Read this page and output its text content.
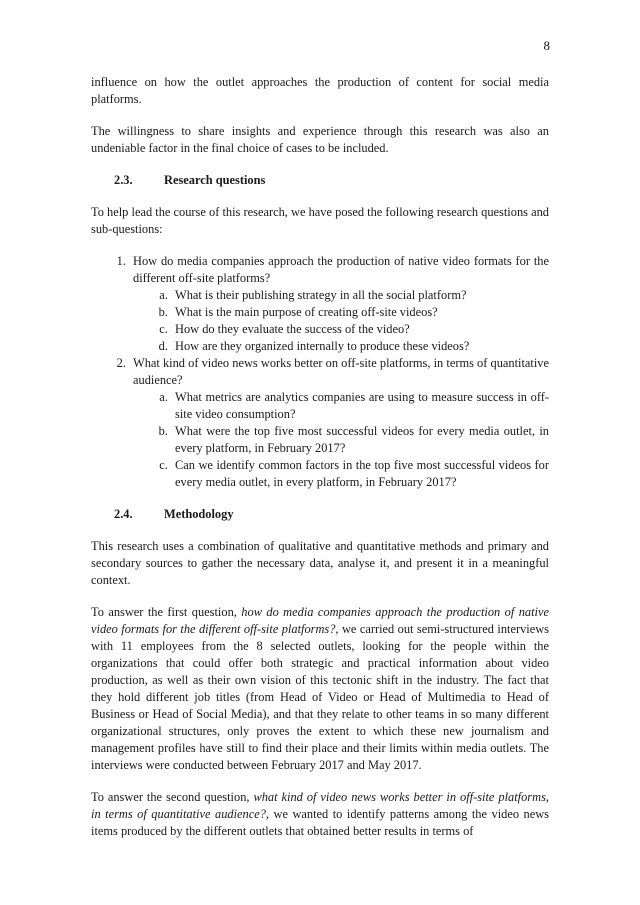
8

influence on how the outlet approaches the production of content for social media platforms.

The willingness to share insights and experience through this research was also an undeniable factor in the final choice of cases to be included.

2.3.	Research questions

To help lead the course of this research, we have posed the following research questions and sub-questions:

1. How do media companies approach the production of native video formats for the different off-site platforms?
a. What is their publishing strategy in all the social platform?
b. What is the main purpose of creating off-site videos?
c. How do they evaluate the success of the video?
d. How are they organized internally to produce these videos?
2. What kind of video news works better on off-site platforms, in terms of quantitative audience?
a. What metrics are analytics companies are using to measure success in off-site video consumption?
b. What were the top five most successful videos for every media outlet, in every platform, in February 2017?
c. Can we identify common factors in the top five most successful videos for every media outlet, in every platform, in February 2017?
2.4.	Methodology

This research uses a combination of qualitative and quantitative methods and primary and secondary sources to gather the necessary data, analyse it, and present it in a meaningful context.

To answer the first question, how do media companies approach the production of native video formats for the different off-site platforms?, we carried out semi-structured interviews with 11 employees from the 8 selected outlets, looking for the people within the organizations that could offer both strategic and practical information about video production, as well as their own vision of this tectonic shift in the industry. The fact that they hold different job titles (from Head of Video or Head of Multimedia to Head of Business or Head of Social Media), and that they relate to other teams in so many different organizational structures, only proves the extent to which these new journalism and management profiles have still to find their place and their limits within media outlets. The interviews were conducted between February 2017 and May 2017.

To answer the second question, what kind of video news works better in off-site platforms, in terms of quantitative audience?, we wanted to identify patterns among the video news items produced by the different outlets that obtained better results in terms of
